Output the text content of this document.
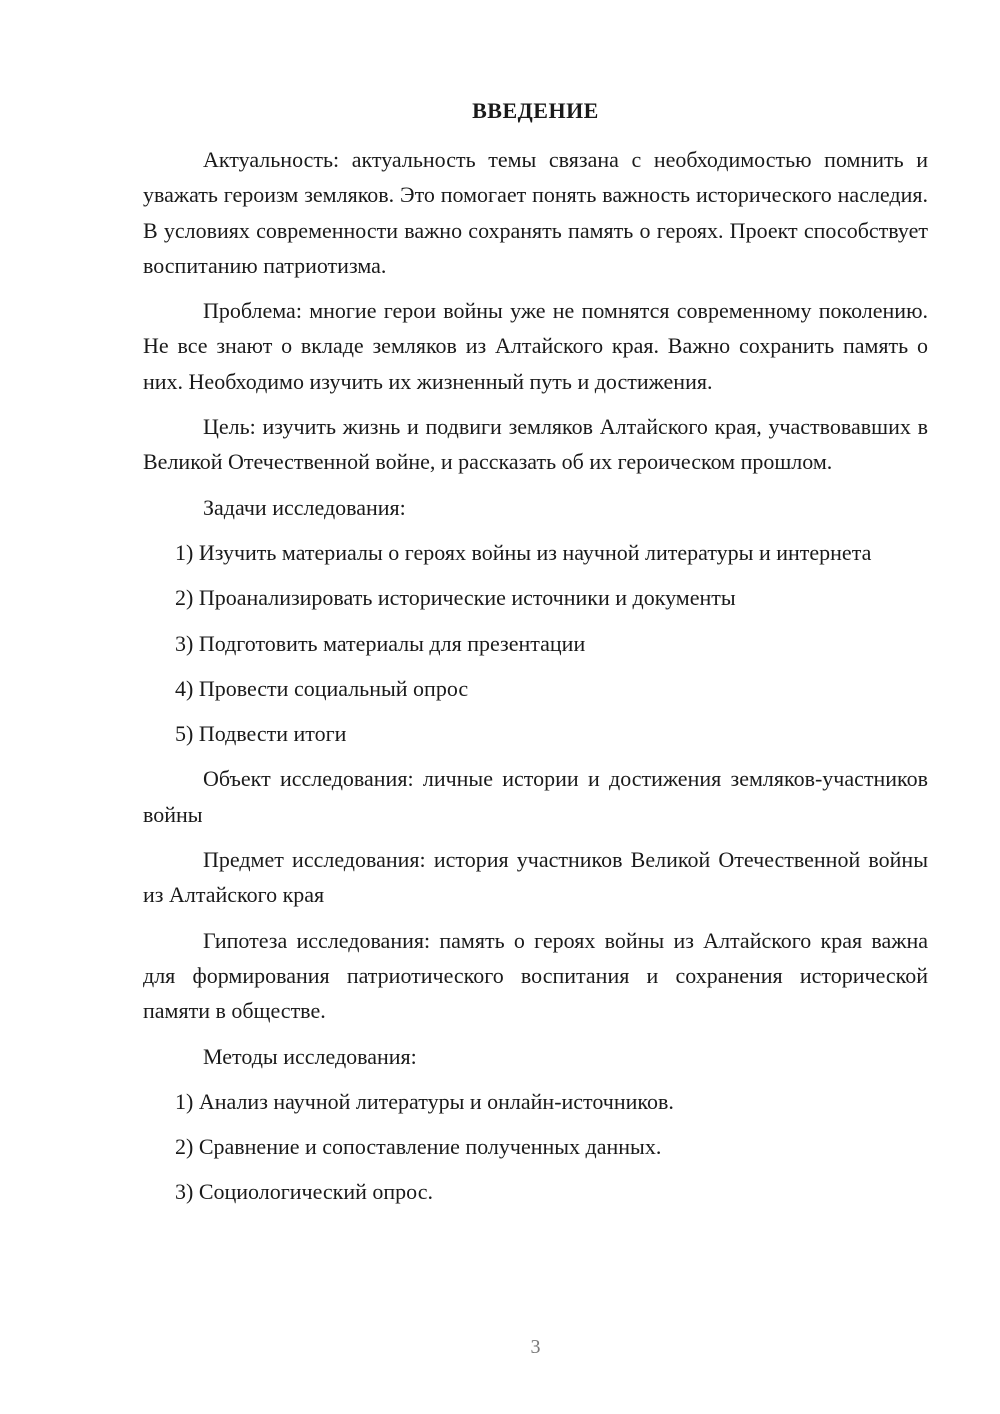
ВВЕДЕНИЕ

Актуальность: актуальность темы связана с необходимостью помнить и уважать героизм земляков. Это помогает понять важность исторического наследия. В условиях современности важно сохранять память о героях. Проект способствует воспитанию патриотизма.

Проблема: многие герои войны уже не помнятся современному поколению. Не все знают о вкладе земляков из Алтайского края. Важно сохранить память о них. Необходимо изучить их жизненный путь и достижения.

Цель: изучить жизнь и подвиги земляков Алтайского края, участвовавших в Великой Отечественной войне, и рассказать об их героическом прошлом.

Задачи исследования:

1) Изучить материалы о героях войны из научной литературы и интернета

2) Проанализировать исторические источники и документы

3) Подготовить материалы для презентации

4) Провести социальный опрос

5) Подвести итоги

Объект исследования: личные истории и достижения земляков-участников войны

Предмет исследования: история участников Великой Отечественной войны из Алтайского края

Гипотеза исследования: память о героях войны из Алтайского края важна для формирования патриотического воспитания и сохранения исторической памяти в обществе.

Методы исследования:

1) Анализ научной литературы и онлайн-источников.

2) Сравнение и сопоставление полученных данных.

3) Социологический опрос.

3
